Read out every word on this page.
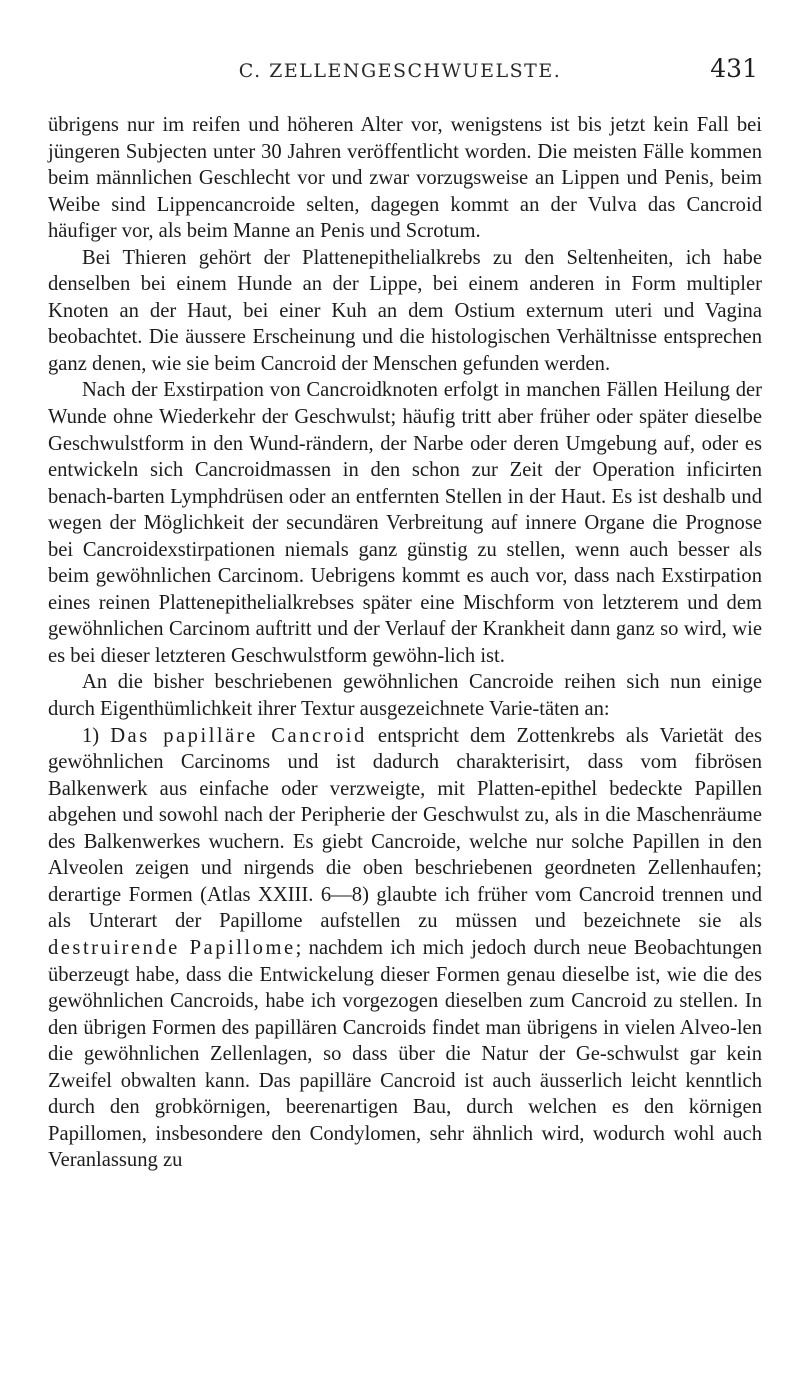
C. ZELLENGESCHWUELSTE.	431

übrigens nur im reifen und höheren Alter vor, wenigstens ist bis jetzt kein Fall bei jüngeren Subjecten unter 30 Jahren veröffentlicht worden. Die meisten Fälle kommen beim männlichen Geschlecht vor und zwar vorzugsweise an Lippen und Penis, beim Weibe sind Lippencancroide selten, dagegen kommt an der Vulva das Cancroid häufiger vor, als beim Manne an Penis und Scrotum.

Bei Thieren gehört der Plattenepithelialkrebs zu den Seltenheiten, ich habe denselben bei einem Hunde an der Lippe, bei einem anderen in Form multipler Knoten an der Haut, bei einer Kuh an dem Ostium externum uteri und Vagina beobachtet. Die äussere Erscheinung und die histologischen Verhältnisse entsprechen ganz denen, wie sie beim Cancroid der Menschen gefunden werden.

Nach der Exstirpation von Cancroidknoten erfolgt in manchen Fällen Heilung der Wunde ohne Wiederkehr der Geschwulst; häufig tritt aber früher oder später dieselbe Geschwulstform in den Wund-rändern, der Narbe oder deren Umgebung auf, oder es entwickeln sich Cancroidmassen in den schon zur Zeit der Operation inficirten benach-barten Lymphdrüsen oder an entfernten Stellen in der Haut. Es ist deshalb und wegen der Möglichkeit der secundären Verbreitung auf innere Organe die Prognose bei Cancroidexstirpationen niemals ganz günstig zu stellen, wenn auch besser als beim gewöhnlichen Carcinom. Uebrigens kommt es auch vor, dass nach Exstirpation eines reinen Plattenepithelialkrebses später eine Mischform von letzterem und dem gewöhnlichen Carcinom auftritt und der Verlauf der Krankheit dann ganz so wird, wie es bei dieser letzteren Geschwulstform gewöhn-lich ist.

An die bisher beschriebenen gewöhnlichen Cancroide reihen sich nun einige durch Eigenthümlichkeit ihrer Textur ausgezeichnete Varie-täten an:

1) Das papilläre Cancroid entspricht dem Zottenkrebs als Varietät des gewöhnlichen Carcinoms und ist dadurch charakterisirt, dass vom fibrösen Balkenwerk aus einfache oder verzweigte, mit Platten-epithel bedeckte Papillen abgehen und sowohl nach der Peripherie der Geschwulst zu, als in die Maschenräume des Balkenwerkes wuchern. Es giebt Cancroide, welche nur solche Papillen in den Alveolen zeigen und nirgends die oben beschriebenen geordneten Zellenhaufen; derartige Formen (Atlas XXIII. 6—8) glaubte ich früher vom Cancroid trennen und als Unterart der Papillome aufstellen zu müssen und bezeichnete sie als destruirende Papillome; nachdem ich mich jedoch durch neue Beobachtungen überzeugt habe, dass die Entwickelung dieser Formen genau dieselbe ist, wie die des gewöhnlichen Cancroids, habe ich vorgezogen dieselben zum Cancroid zu stellen. In den übrigen Formen des papillären Cancroids findet man übrigens in vielen Alveo-len die gewöhnlichen Zellenlagen, so dass über die Natur der Ge-schwulst gar kein Zweifel obwalten kann. Das papilläre Cancroid ist auch äusserlich leicht kenntlich durch den grobkörnigen, beerenartigen Bau, durch welchen es den körnigen Papillomen, insbesondere den Condylomen, sehr ähnlich wird, wodurch wohl auch Veranlassung zu
